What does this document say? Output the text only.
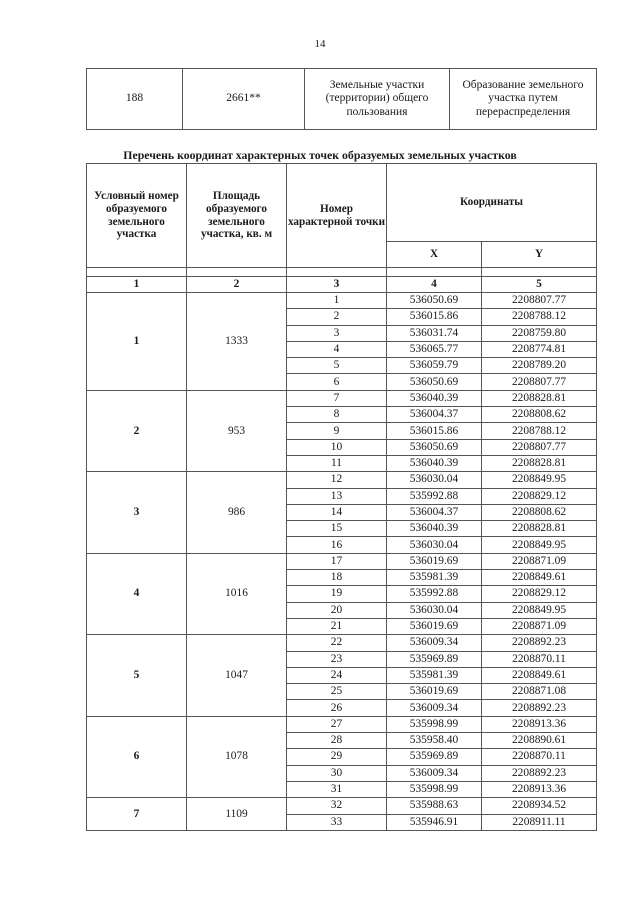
14
188	2661**	Земельные участки (территории) общего пользования	Образование земельного участка путем перераспределения
Перечень координат характерных точек образуемых земельных участков
Условный номер образуемого земельного участка	Площадь образуемого земельного участка, кв. м	Номер характерной точки	Координаты	
			X	Y

1	2	3	4	5
1	1333	1	536050.69	2208807.77
		2	536015.86	2208788.12
		3	536031.74	2208759.80
		4	536065.77	2208774.81
		5	536059.79	2208789.20
		6	536050.69	2208807.77
2	953	7	536040.39	2208828.81
		8	536004.37	2208808.62
		9	536015.86	2208788.12
		10	536050.69	2208807.77
		11	536040.39	2208828.81
3	986	12	536030.04	2208849.95
		13	535992.88	2208829.12
		14	536004.37	2208808.62
		15	536040.39	2208828.81
		16	536030.04	2208849.95
4	1016	17	536019.69	2208871.09
		18	535981.39	2208849.61
		19	535992.88	2208829.12
		20	536030.04	2208849.95
		21	536019.69	2208871.09
5	1047	22	536009.34	2208892.23
		23	535969.89	2208870.11
		24	535981.39	2208849.61
		25	536019.69	2208871.08
		26	536009.34	2208892.23
6	1078	27	535998.99	2208913.36
		28	535958.40	2208890.61
		29	535969.89	2208870.11
		30	536009.34	2208892.23
		31	535998.99	2208913.36
7	1109	32	535988.63	2208934.52
		33	535946.91	2208911.11
